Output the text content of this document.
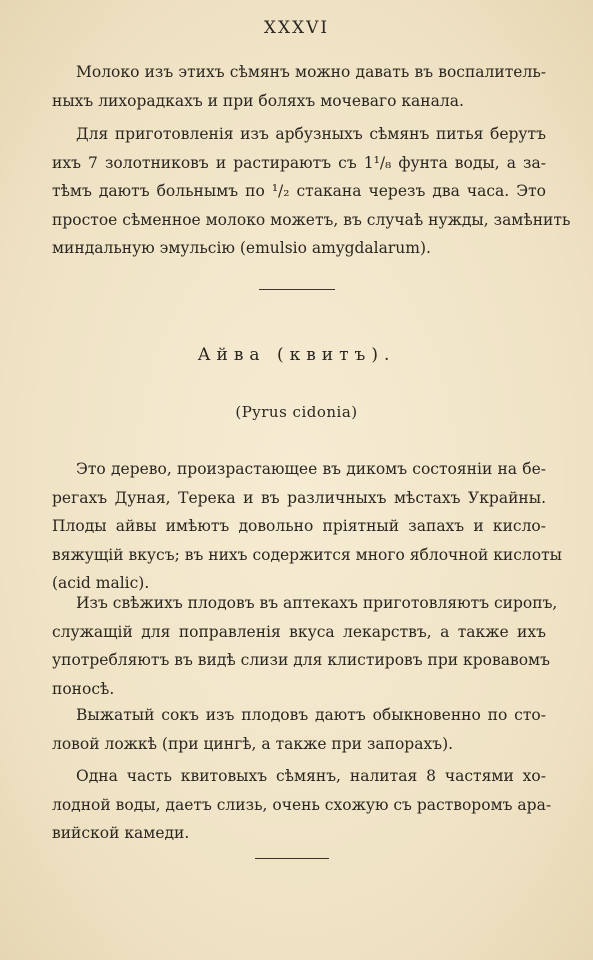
XXXVI
Молоко изъ этихъ сѣмянъ можно давать въ воспалитель-
ныхъ лихорадкахъ и при боляхъ мочеваго канала.
Для приготовленія изъ арбузныхъ сѣмянъ питья берутъ
ихъ 7 золотниковъ и растираютъ съ 1¹/₈ фунта воды, а за-
тѣмъ даютъ больнымъ по ¹/₂ стакана черезъ два часа. Это
простое сѣменное молоко можетъ, въ случаѣ нужды, замѣнить
миндальную эмульсію (emulsio amygdalarum).
Айва (квитъ).
(Pyrus cidonia)
Это дерево, произрастающее въ дикомъ состояніи на бе-
регахъ Дуная, Терека и въ различныхъ мѣстахъ Украйны.
Плоды айвы имѣютъ довольно пріятный запахъ и кисло-
вяжущій вкусъ; въ нихъ содержится много яблочной кислоты
(acid malic).
Изъ свѣжихъ плодовъ въ аптекахъ приготовляютъ сиропъ,
служащій для поправленія вкуса лекарствъ, а также ихъ
употребляютъ въ видѣ слизи для клистировъ при кровавомъ
поносѣ.
Выжатый сокъ изъ плодовъ даютъ обыкновенно по сто-
ловой ложкѣ (при цингѣ, а также при запорахъ).
Одна часть квитовыхъ сѣмянъ, налитая 8 частями хо-
лодной воды, даетъ слизь, очень схожую съ растворомъ ара-
вийской камеди.
